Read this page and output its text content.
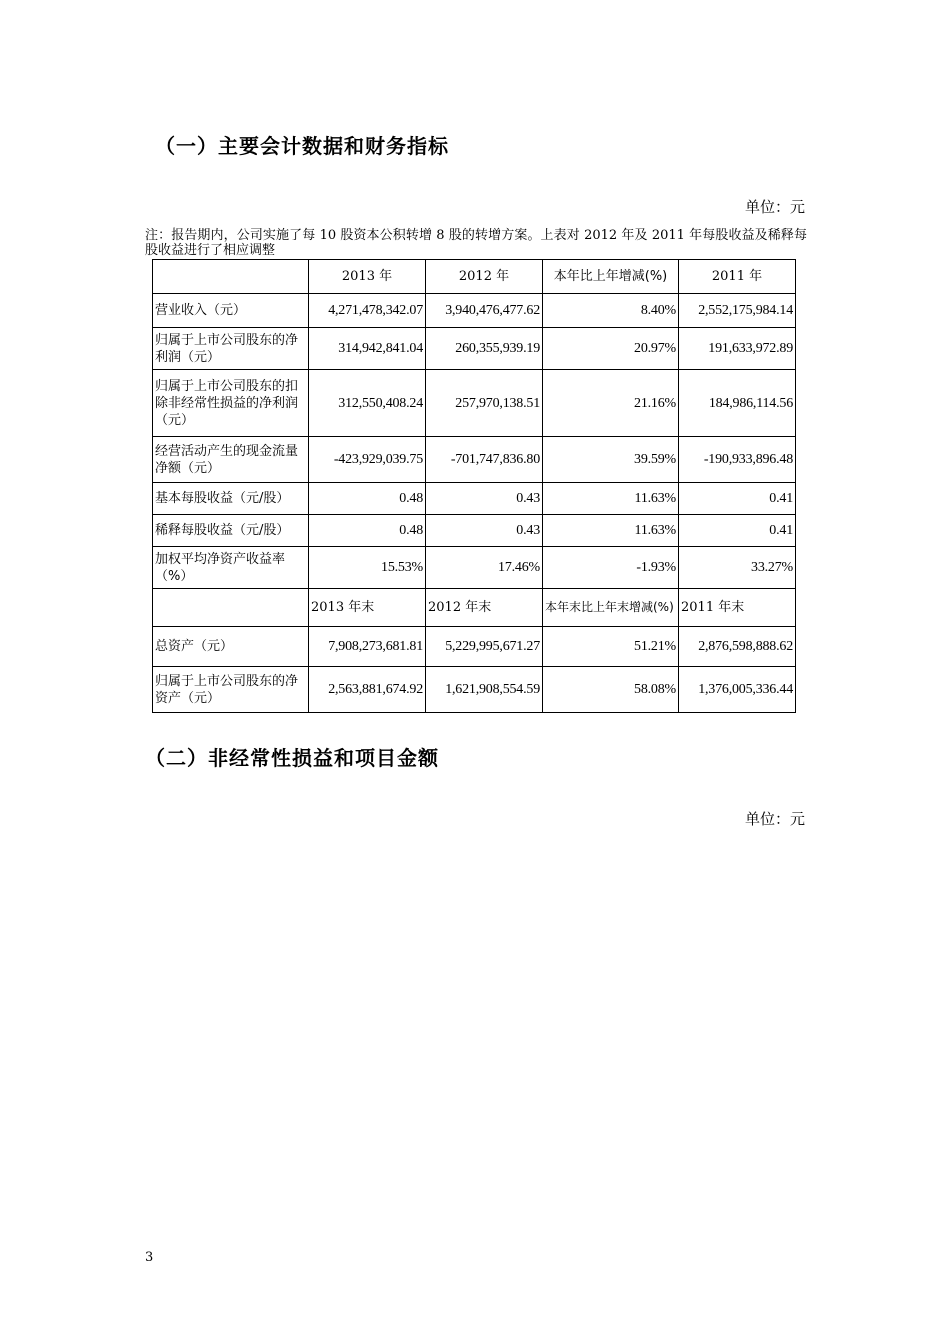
（一）主要会计数据和财务指标
单位：元
注：报告期内，公司实施了每 10 股资本公积转增 8 股的转增方案。上表对 2012 年及 2011 年每股收益及稀释每股收益进行了相应调整
	2013 年	2012 年	本年比上年增减(%)	2011 年
营业收入（元）	4,271,478,342.07	3,940,476,477.62	8.40%	2,552,175,984.14
归属于上市公司股东的净利润（元）	314,942,841.04	260,355,939.19	20.97%	191,633,972.89
归属于上市公司股东的扣除非经常性损益的净利润（元）	312,550,408.24	257,970,138.51	21.16%	184,986,114.56
经营活动产生的现金流量净额（元）	-423,929,039.75	-701,747,836.80	39.59%	-190,933,896.48
基本每股收益（元/股）	0.48	0.43	11.63%	0.41
稀释每股收益（元/股）	0.48	0.43	11.63%	0.41
加权平均净资产收益率（%）	15.53%	17.46%	-1.93%	33.27%
	2013 年末	2012 年末	本年末比上年末增减(%)	2011 年末
总资产（元）	7,908,273,681.81	5,229,995,671.27	51.21%	2,876,598,888.62
归属于上市公司股东的净资产（元）	2,563,881,674.92	1,621,908,554.59	58.08%	1,376,005,336.44
（二）非经常性损益和项目金额
单位：元
3
